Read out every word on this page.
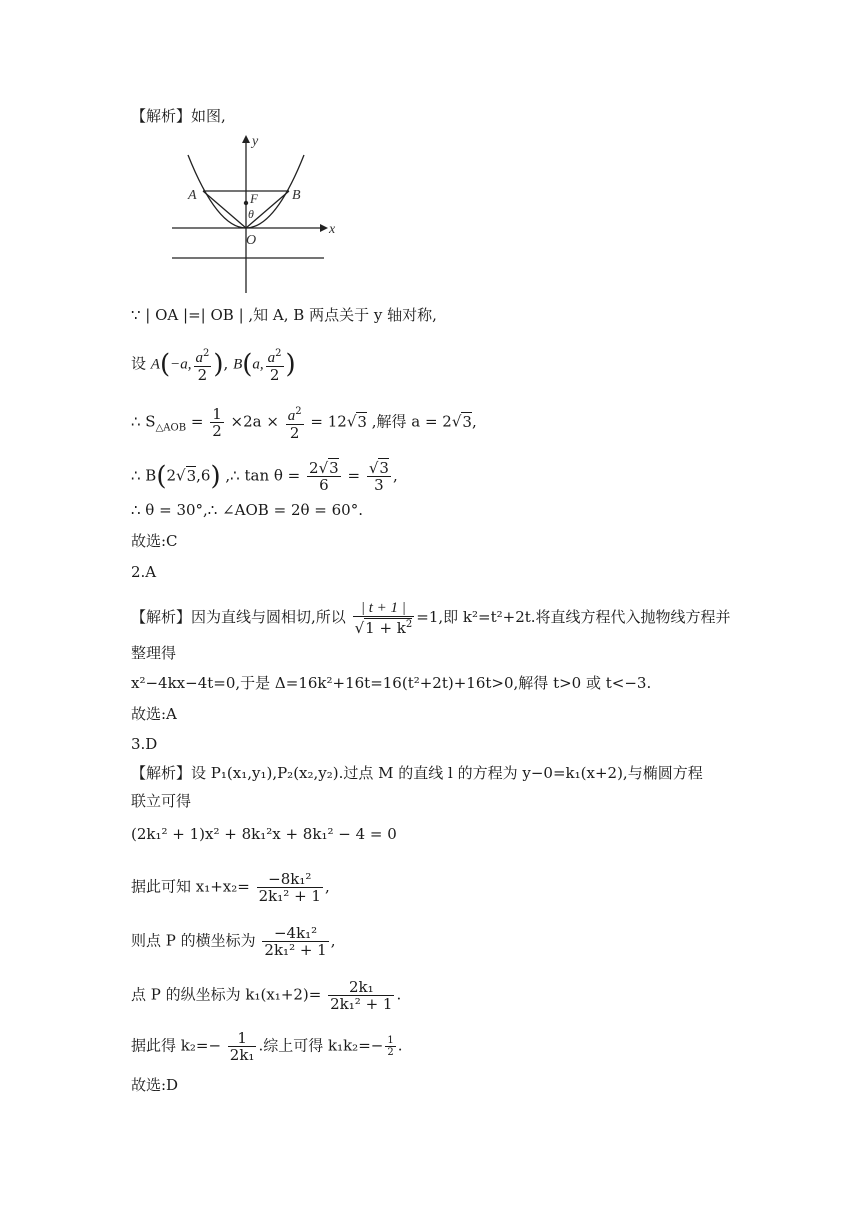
【解析】如图,
y
x
A	B
F
θ
O
∵ | OA |=| OB | ,知 A, B 两点关于 y 轴对称,
设 A(−a, $\frac{a^2}{2}$ ), B(a, $\frac{a^2}{2}$ )
∴ $S_{\triangle AOB} = \frac{1}{2} \times 2a \times \frac{a^2}{2} = 12√3$ ,解得 a = 2√3,
∴ B(2√3,6) ,∴ $\tan \theta = \frac{2√3}{6} = \frac{√3}{3}$ ,
∴ θ = 30°,∴ ∠AOB = 2θ = 60°.
故选:C
2.A
【解析】因为直线与圆相切,所以 $\frac{| t + 1 |}{√1 + k^2} =1$,即 k²=t²+2t.将直线方程代入抛物线方程并
整理得
x²−4kx−4t=0,于是 Δ=16k²+16t=16(t²+2t)+16t>0,解得 t>0 或 t<−3.
故选:A
3.D
【解析】设 P₁(x₁,y₁),P₂(x₂,y₂).过点 M 的直线 l 的方程为 y−0=k₁(x+2),与椭圆方程
联立可得
(2k₁² + 1)x² + 8k₁²x + 8k₁² − 4 = 0
据此可知 $x_1+x_2= \frac{\text{−8k₁²}}{\text{2k₁² + 1}}$ ,
则点 P 的横坐标为 $\frac{\text{−4k₁²}}{\text{2k₁² + 1}}$ ,
点 P 的纵坐标为 $k_1(x_1+2)= \frac{\text{2k₁}}{\text{2k₁² + 1}}$ .
据此得 $k_2=- \frac{1}{\text{2k₁}}$ .综上可得 $k_1k_2=- \frac{1}{2}$ .
故选:D
